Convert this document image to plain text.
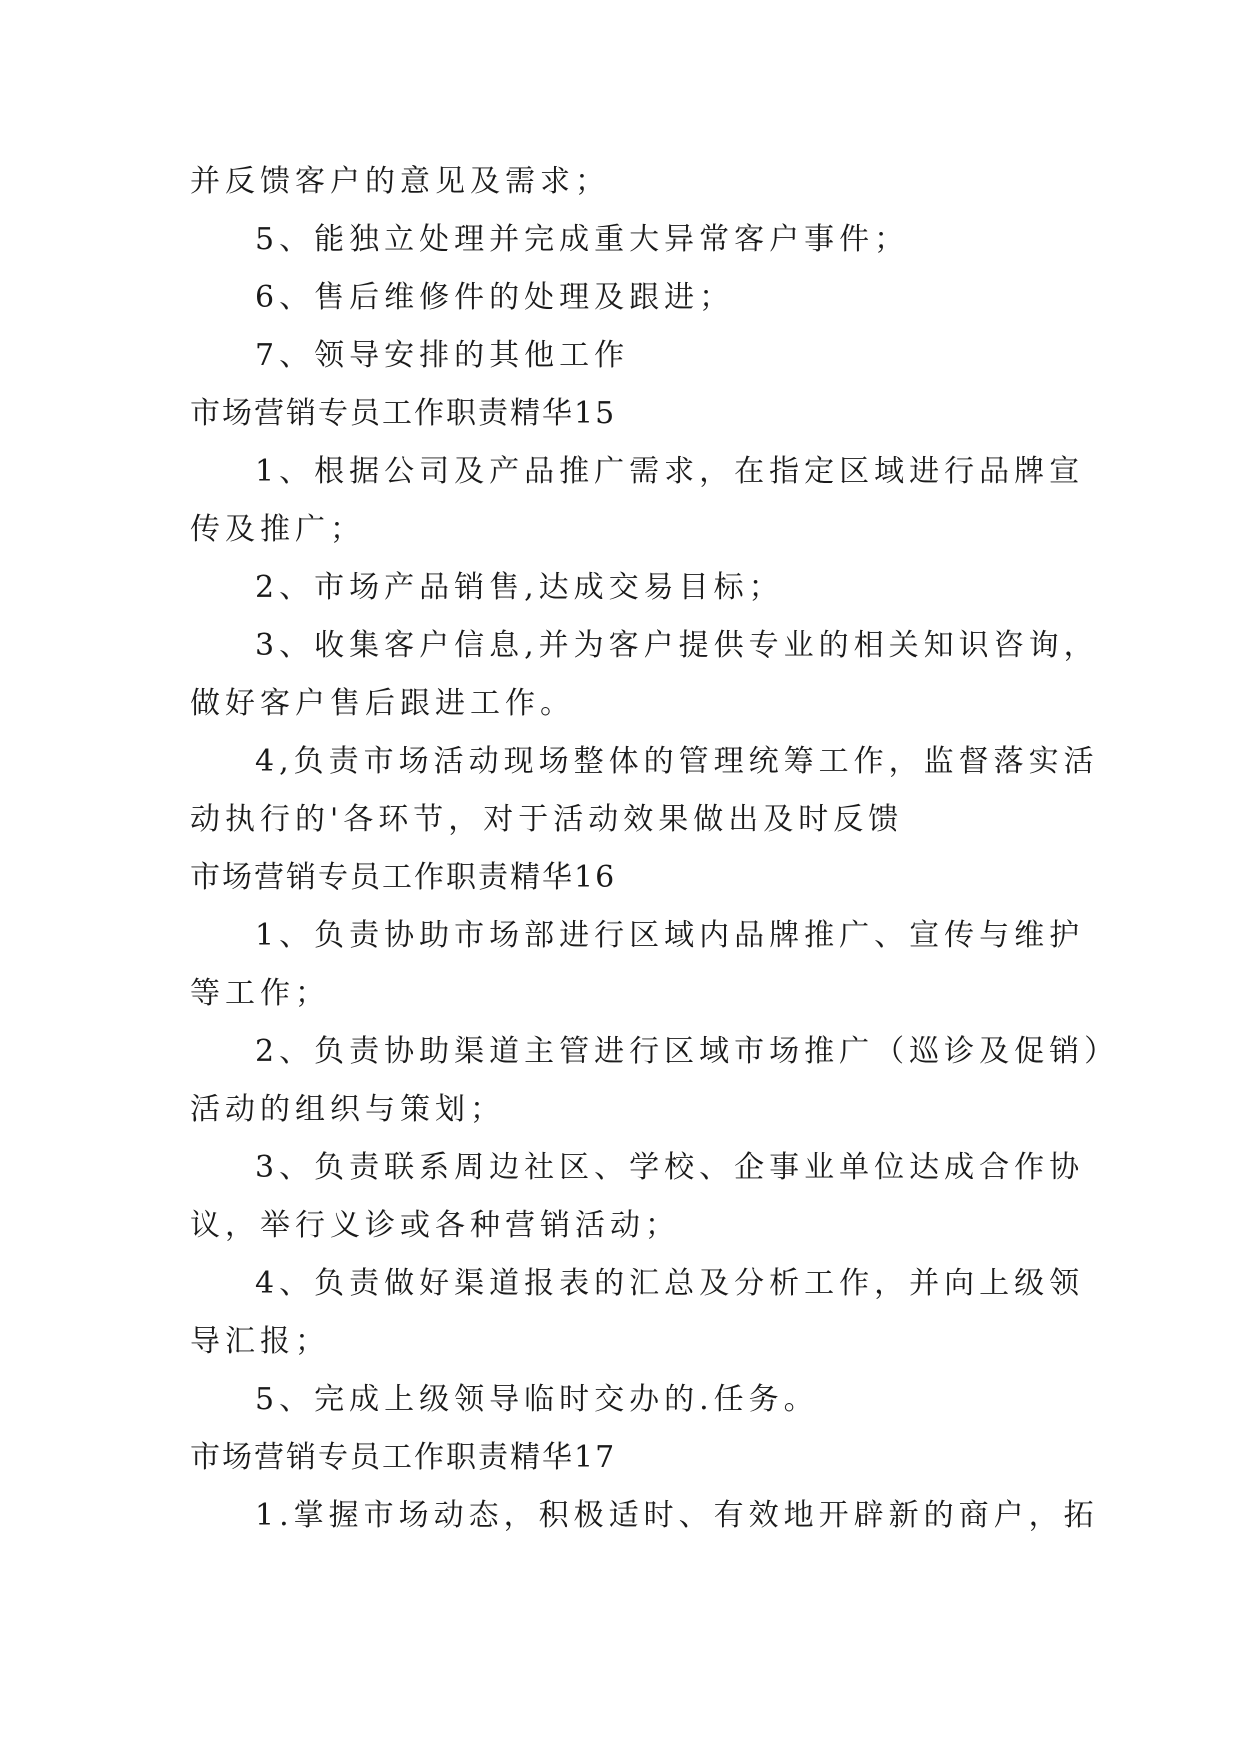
并反馈客户的意见及需求；
5、能独立处理并完成重大异常客户事件；
6、售后维修件的处理及跟进；
7、领导安排的其他工作
市场营销专员工作职责精华15
1、根据公司及产品推广需求，在指定区域进行品牌宣
传及推广；
2、市场产品销售,达成交易目标；
3、收集客户信息,并为客户提供专业的相关知识咨询，
做好客户售后跟进工作。
4,负责市场活动现场整体的管理统筹工作，监督落实活
动执行的'各环节，对于活动效果做出及时反馈
市场营销专员工作职责精华16
1、负责协助市场部进行区域内品牌推广、宣传与维护
等工作；
2、负责协助渠道主管进行区域市场推广（巡诊及促销）
活动的组织与策划；
3、负责联系周边社区、学校、企事业单位达成合作协
议，举行义诊或各种营销活动；
4、负责做好渠道报表的汇总及分析工作，并向上级领
导汇报；
5、完成上级领导临时交办的.任务。
市场营销专员工作职责精华17
1.掌握市场动态，积极适时、有效地开辟新的商户，拓
